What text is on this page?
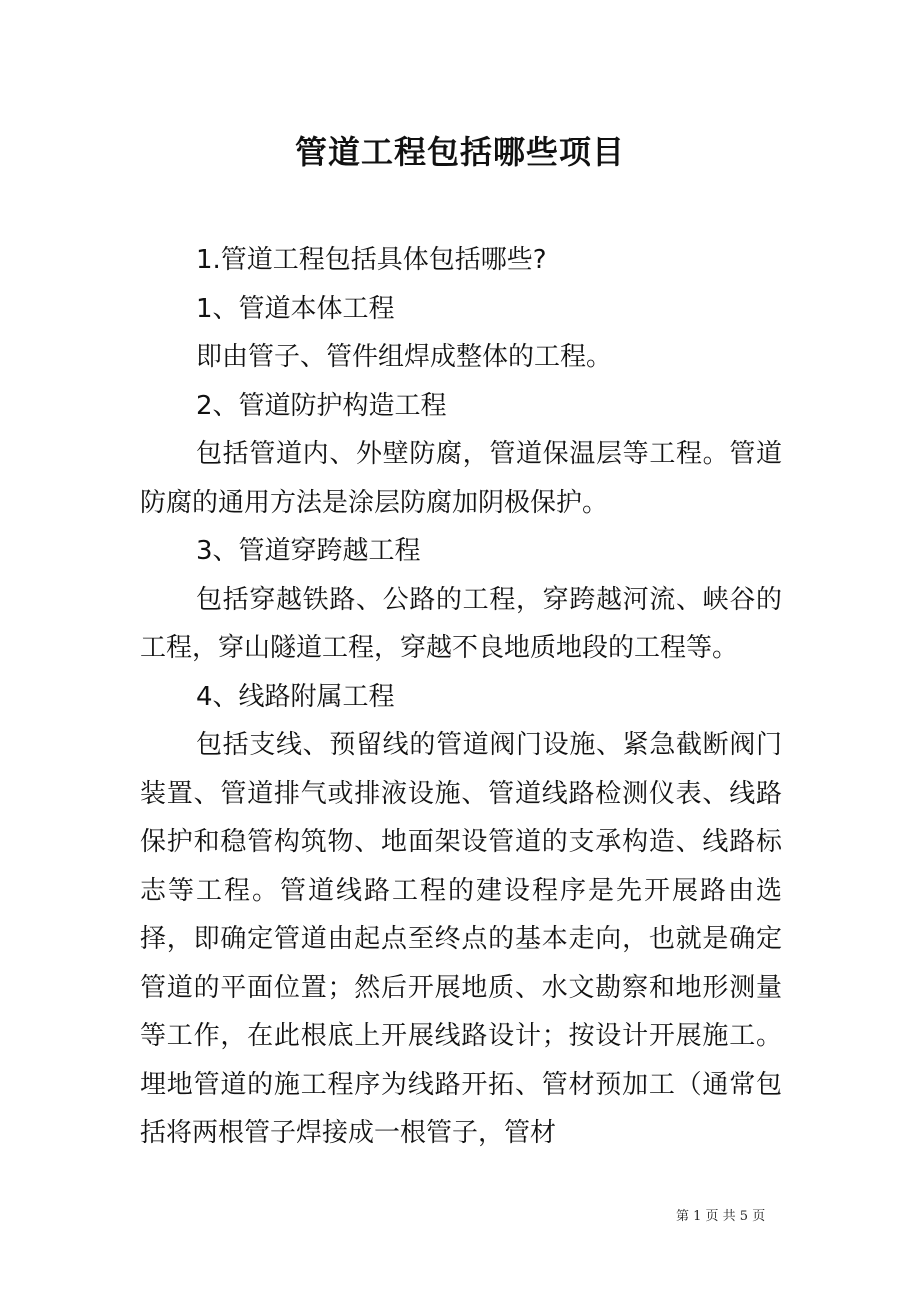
管道工程包括哪些项目

1.管道工程包括具体包括哪些?

1、管道本体工程

即由管子、管件组焊成整体的工程。

2、管道防护构造工程

包括管道内、外壁防腐，管道保温层等工程。管道防腐的通用方法是涂层防腐加阴极保护。

3、管道穿跨越工程

包括穿越铁路、公路的工程，穿跨越河流、峡谷的工程，穿山隧道工程，穿越不良地质地段的工程等。

4、线路附属工程

包括支线、预留线的管道阀门设施、紧急截断阀门装置、管道排气或排液设施、管道线路检测仪表、线路保护和稳管构筑物、地面架设管道的支承构造、线路标志等工程。管道线路工程的建设程序是先开展路由选择，即确定管道由起点至终点的基本走向，也就是确定管道的平面位置；然后开展地质、水文勘察和地形测量等工作，在此根底上开展线路设计；按设计开展施工。埋地管道的施工程序为线路开拓、管材预加工（通常包括将两根管子焊接成一根管子，管材

第 1 页 共 5 页
